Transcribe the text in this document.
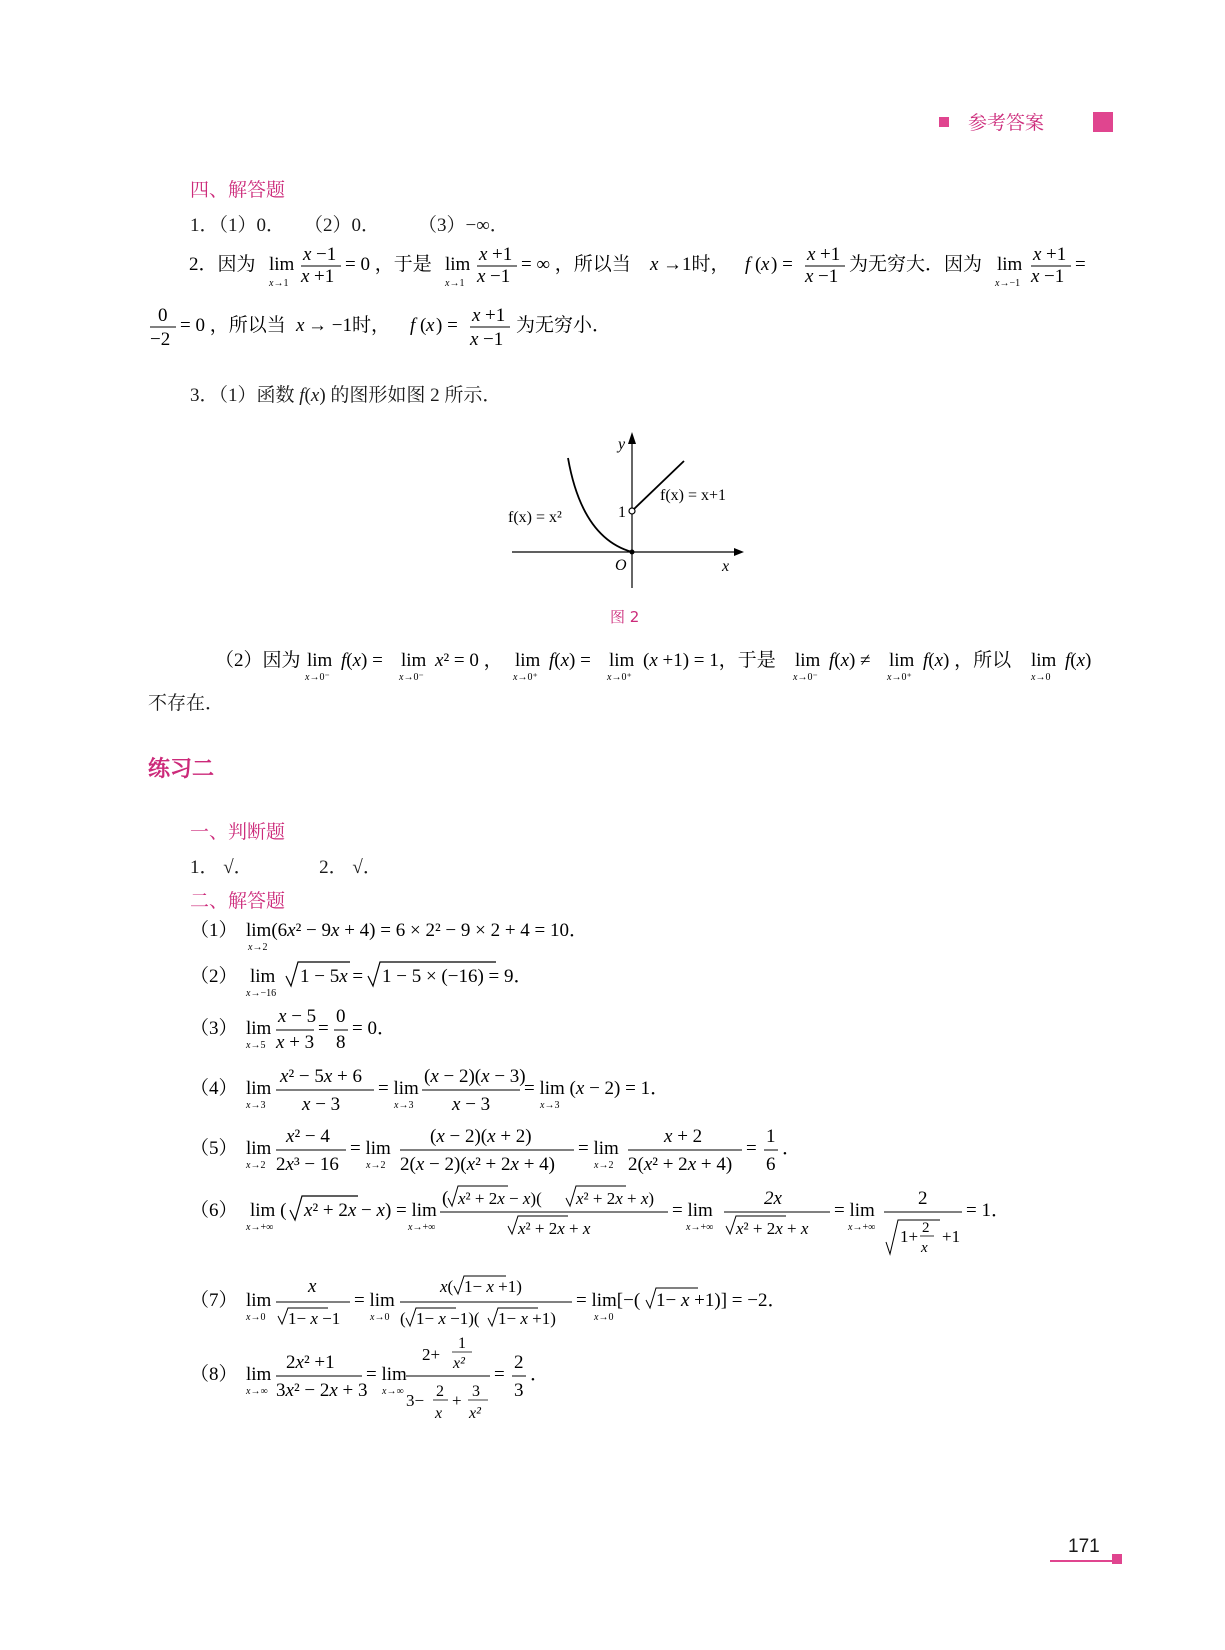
参考答案
四、解答题
1．（1）0．　　（2）0．　　　（3）−∞．
2．因为 lim
x→1
x −1
x +1
= 0 ，于是 lim
x→1
x +1
x −1
= ∞ ，所以当 x →1时， f ( x ) = x +1
x −1
为无穷大．因为 lim
x→−1
x +1
x −1
=
0
−2
= 0 ，所以当 x → −1时， f ( x ) = x +1
x −1
为无穷小．
3．（1）函数 f(x) 的图形如图 2 所示．
y
x
O
1
f(x) = x²
f(x) = x+1
图 2
（2）因为 lim
x→0⁻
f(x) = lim
x→0⁻
x² = 0 ， lim
x→0⁺
f(x) = lim
x→0⁺
(x +1) = 1，于是 lim
x→0⁻
f(x) ≠ lim
x→0⁺
f(x) ，所以 lim
x→0
f(x)
不存在．
练习二
一、判断题
1． √．　　　　2． √．
二、解答题
（1） lim(6x² − 9x + 4) = 6 × 2² − 9 × 2 + 4 = 10．
x→2
（2） lim
x→−16
1 − 5x = 1 − 5 × (−16) = 9．
（3） lim
x→5
x − 5
x + 3
=
0
8
= 0．
（4） lim
x→3
x² − 5x + 6
x − 3
= lim
x→3
(x − 2)(x − 3)
x − 3
= lim (x − 2) = 1．
x→3
（5） lim
x→2
x² − 4
2x³ − 16
= lim
x→2
(x − 2)(x + 2)
2(x − 2)(x² + 2x + 4)
= lim
x→2
x + 2
2(x² + 2x + 4)
=
1
6
．
（6） lim (
x→+∞
x² + 2x − x) = lim
x→+∞
( x² + 2x − x)( x² + 2x + x)
x² + 2x + x
= lim
x→+∞
2x
x² + 2x + x
= lim
x→+∞
2
1+ 2
x
+1
= 1．
（7） lim
x→0
x
1− x −1
= lim
x→0
x( 1− x +1)
( 1− x −1)( 1− x +1)
= lim[−(
x→0
1− x +1)] = −2．
（8） lim
x→∞
2x² +1
3x² − 2x + 3
= lim
x→∞
2+
1
x²
3− 2
x
+ 3
x²
=
2
3
．
171
